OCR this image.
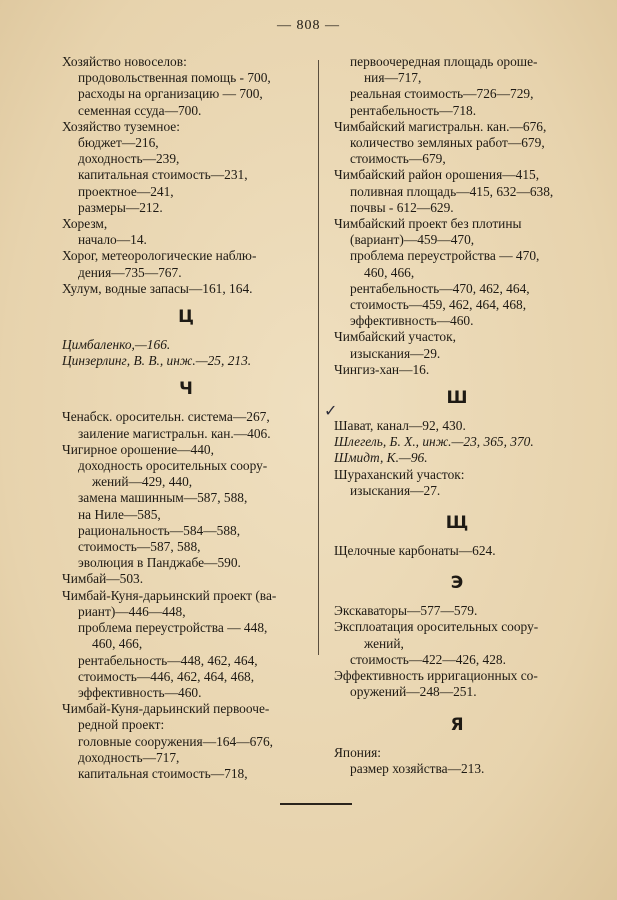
— 808 —
Хозяйство новоселов:
продовольственная помощь - 700,
расходы на организацию — 700,
семенная ссуда—700.
Хозяйство туземное:
бюджет—216,
доходность—239,
капитальная стоимость—231,
проектное—241,
размеры—212.
Хорезм,
начало—14.
Хорог, метеорологические наблю-
дения—735—767.
Хулум, водные запасы—161, 164.
Ц
Цимбаленко,—166.
Цинзерлинг, В. В., инж.—25, 213.
Ч
Ченабск. оросительн. система—267,
заиление магистральн. кан.—406.
Чигирное орошение—440,
доходность оросительных соору-
жений—429, 440,
замена машинным—587, 588,
на Ниле—585,
рациональность—584—588,
стоимость—587, 588,
эволюция в Панджабе—590.
Чимбай—503.
Чимбай-Куня-дарьинский проект (ва-
риант)—446—448,
проблема переустройства — 448,
460, 466,
рентабельность—448, 462, 464,
стоимость—446, 462, 464, 468,
эффективность—460.
Чимбай-Куня-дарьинский первооче-
редной проект:
головные сооружения—164—676,
доходность—717,
капитальная стоимость—718,
первоочередная площадь ороше-
ния—717,
реальная стоимость—726—729,
рентабельность—718.
Чимбайский магистральн. кан.—676,
количество земляных работ—679,
стоимость—679,
Чимбайский район орошения—415,
поливная площадь—415, 632—638,
почвы - 612—629.
Чимбайский проект без плотины
(вариант)—459—470,
проблема переустройства — 470,
460, 466,
рентабельность—470, 462, 464,
стоимость—459, 462, 464, 468,
эффективность—460.
Чимбайский участок,
изыскания—29.
Чингиз-хан—16.
Ш
Шават, канал—92, 430.
Шлегель, Б. Х., инж.—23, 365, 370.
Шмидт, К.—96.
Шураханский участок:
изыскания—27.
Щ
Щелочные карбонаты—624.
Э
Экскаваторы—577—579.
Эксплоатация оросительных соору-
жений,
стоимость—422—426, 428.
Эффективность ирригационных со-
оружений—248—251.
Я
Япония:
размер хозяйства—213.
✓
